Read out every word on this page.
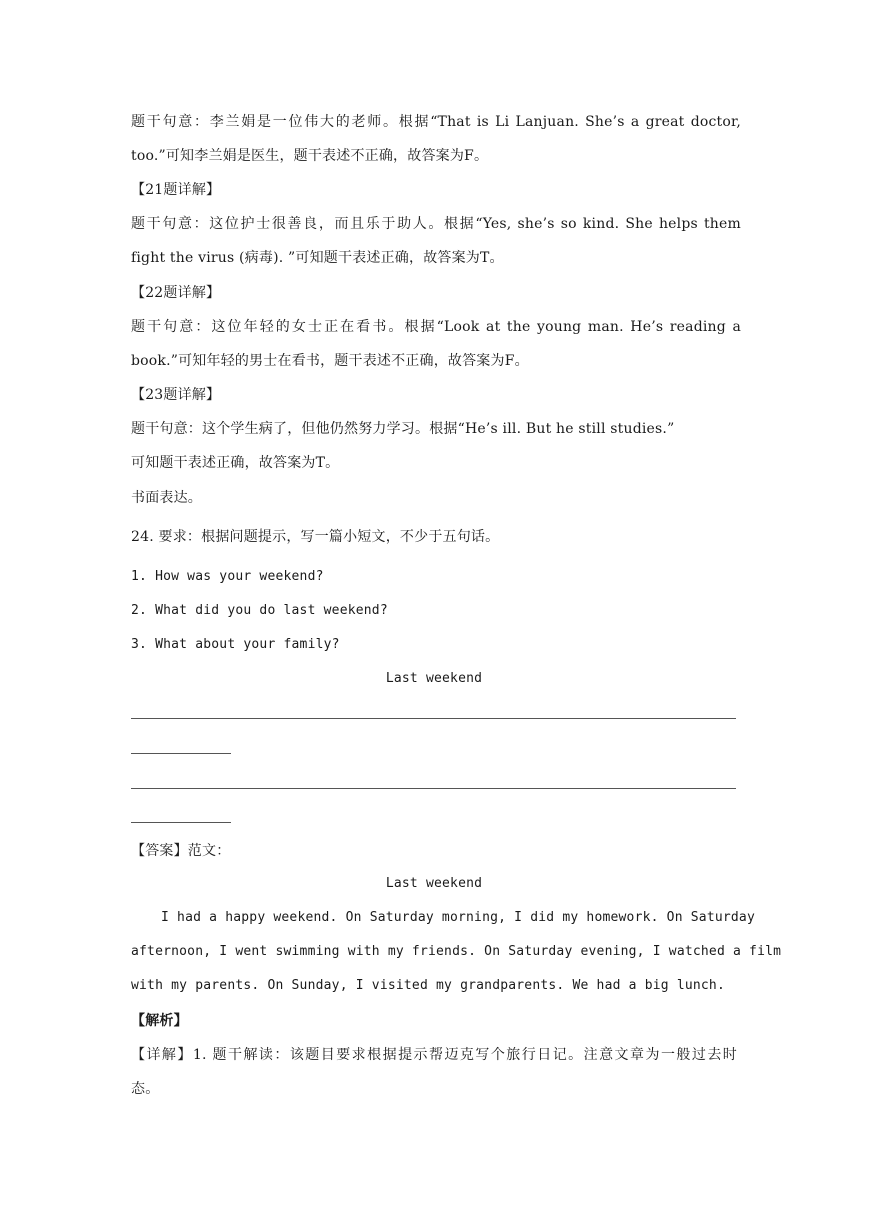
题干句意：李兰娟是一位伟大的老师。根据“That is Li Lanjuan. She’s a great doctor,
too.”可知李兰娟是医生，题干表述不正确，故答案为F。
【21题详解】
题干句意：这位护士很善良，而且乐于助人。根据“Yes, she’s so kind. She helps them
fight the virus (病毒). ”可知题干表述正确，故答案为T。
【22题详解】
题干句意：这位年轻的女士正在看书。根据“Look at the young man. He’s reading a
book.”可知年轻的男士在看书，题干表述不正确，故答案为F。
【23题详解】
题干句意：这个学生病了，但他仍然努力学习。根据“He’s ill. But he still studies.”
可知题干表述正确，故答案为T。
书面表达。
24. 要求：根据问题提示，写一篇小短文，不少于五句话。
1. How was your weekend?
2. What did you do last weekend?
3. What about your family?
Last weekend
【答案】范文：
Last weekend
I had a happy weekend. On Saturday morning, I did my homework. On Saturday
afternoon, I went swimming with my friends. On Saturday evening, I watched a film
with my parents. On Sunday, I visited my grandparents. We had a big lunch.
【解析】
【详解】1. 题干解读：该题目要求根据提示帮迈克写个旅行日记。注意文章为一般过去时
态。
